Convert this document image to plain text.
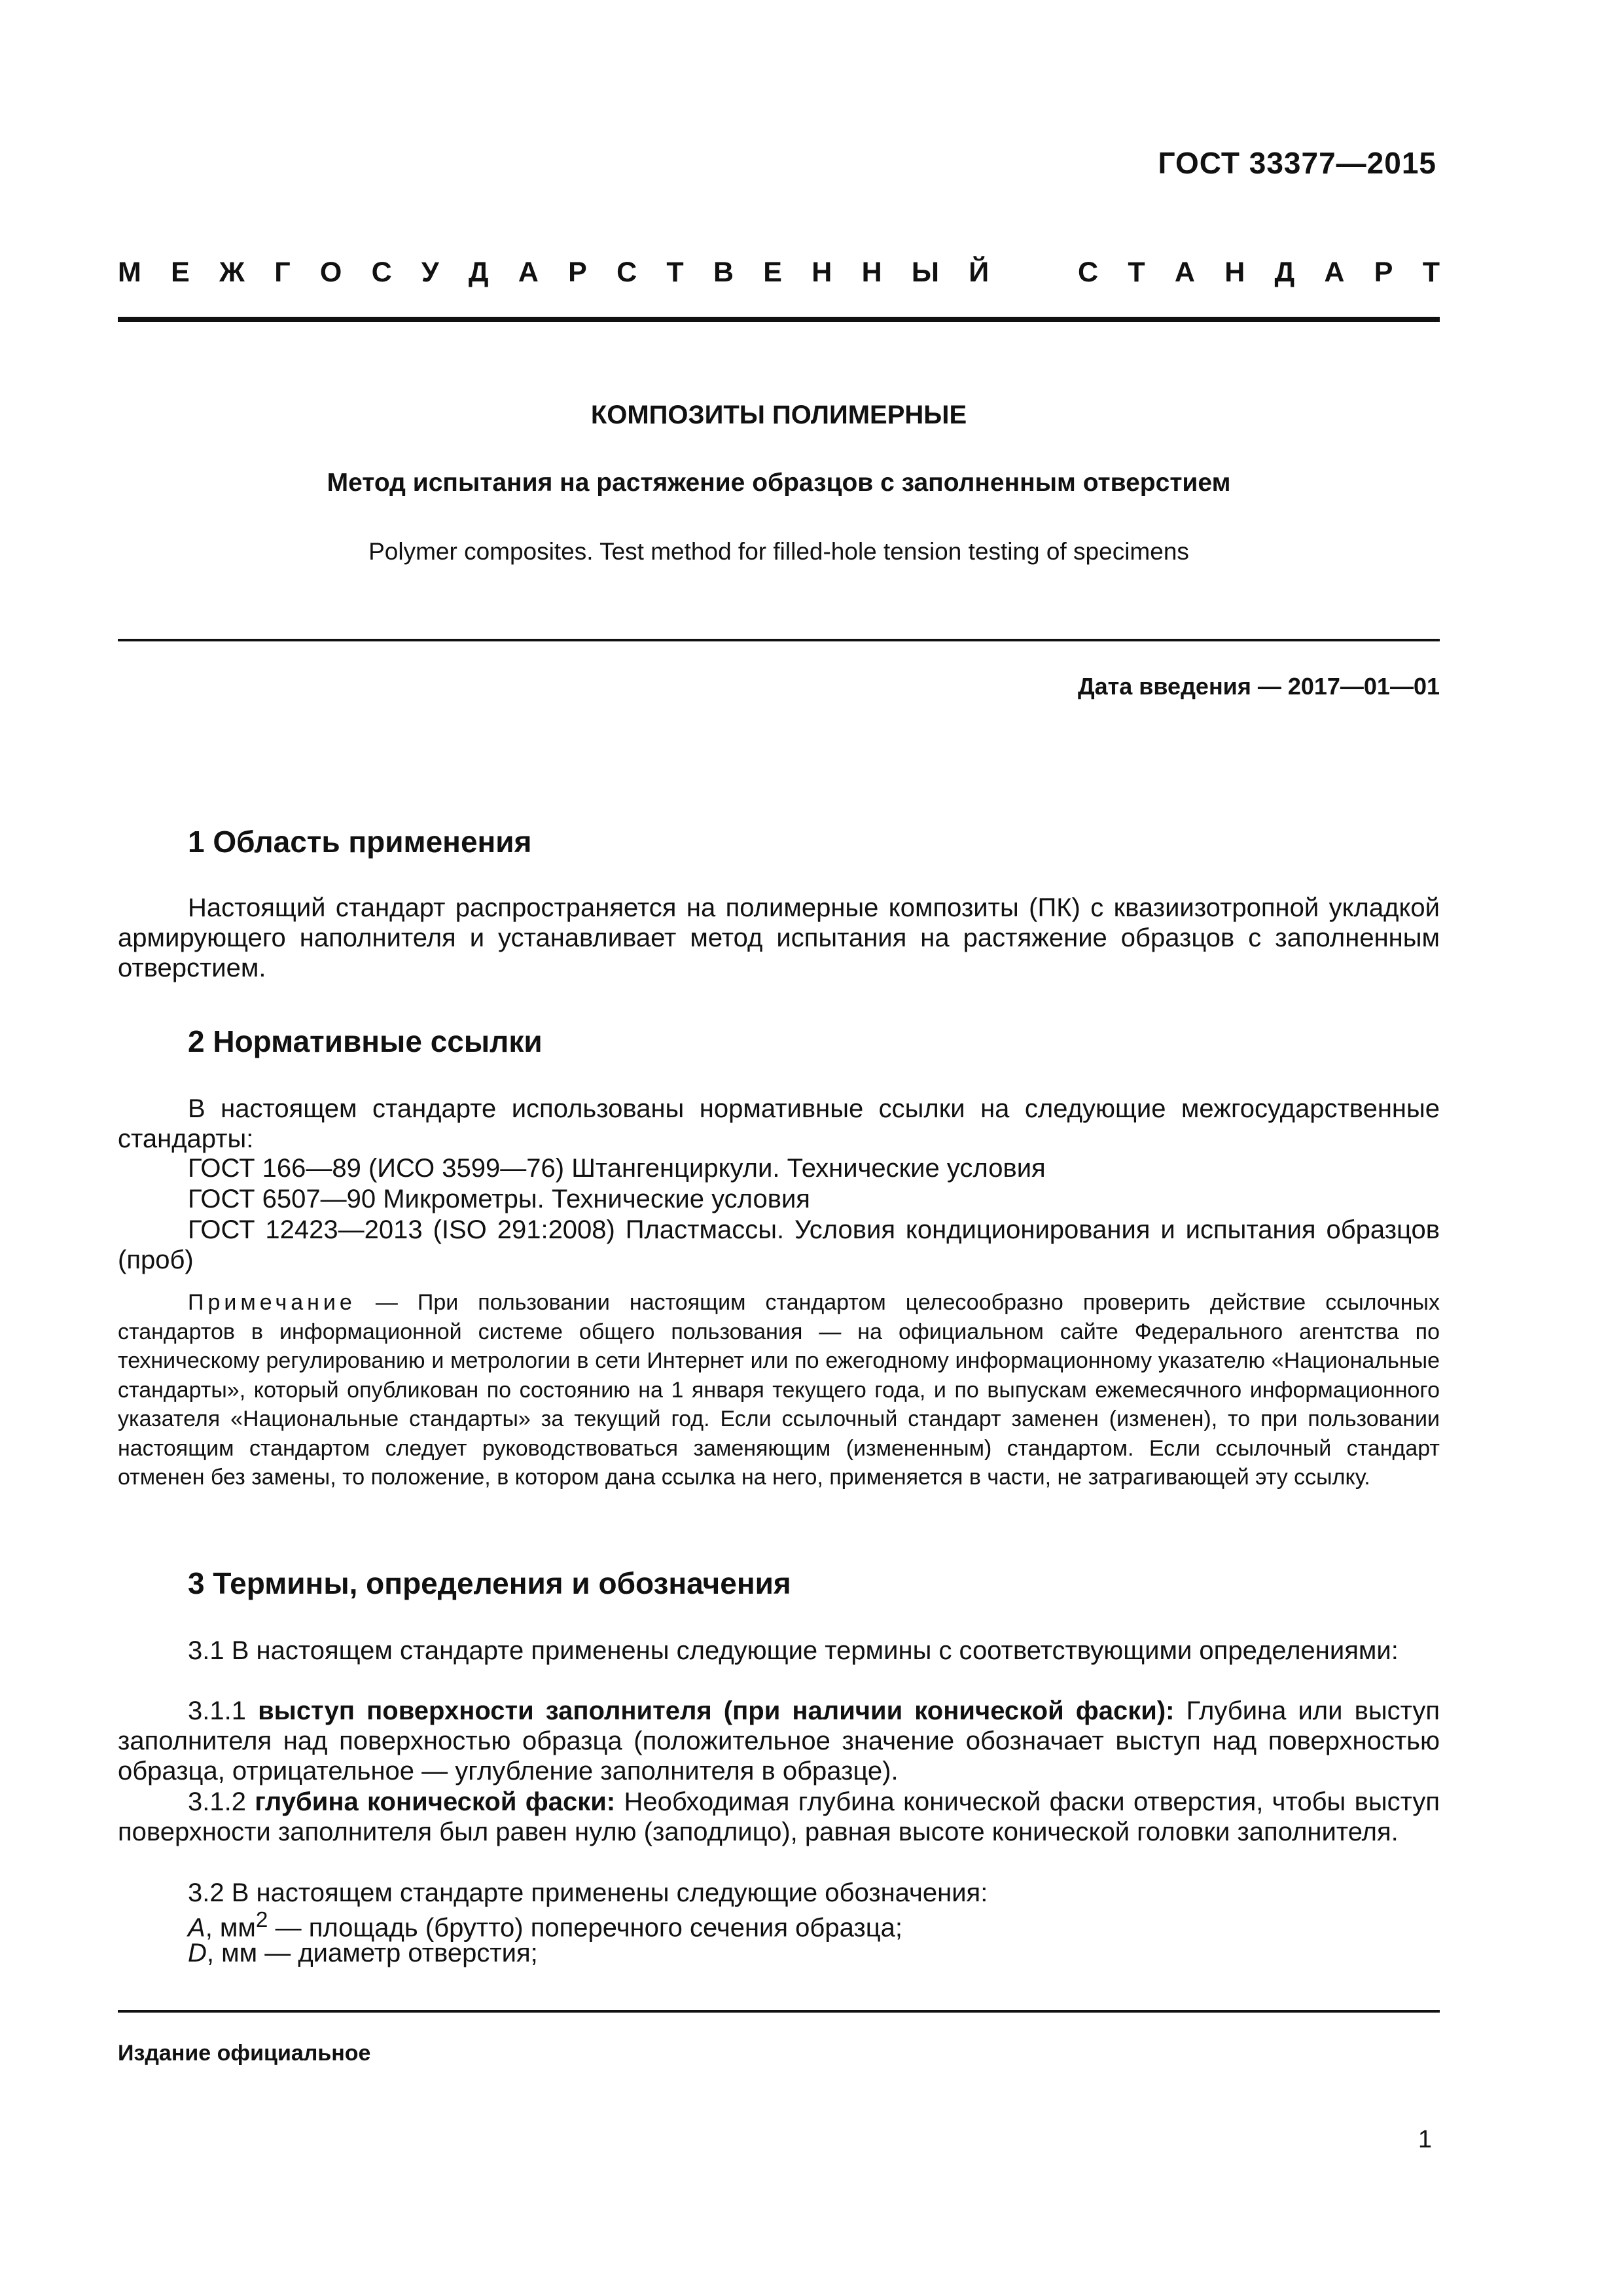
ГОСТ 33377—2015
М Е Ж Г О С У Д А Р С Т В Е Н Н Ы Й	С Т А Н Д А Р Т
КОМПОЗИТЫ ПОЛИМЕРНЫЕ
Метод испытания на растяжение образцов с заполненным отверстием
Polymer composites. Test method for filled-hole tension testing of specimens
Дата введения — 2017—01—01
1 Область применения
Настоящий стандарт распространяется на полимерные композиты (ПК) с квазиизотропной укладкой армирующего наполнителя и устанавливает метод испытания на растяжение образцов с заполненным отверстием.
2 Нормативные ссылки
В настоящем стандарте использованы нормативные ссылки на следующие межгосударственные стандарты:
ГОСТ 166—89 (ИСО 3599—76) Штангенциркули. Технические условия
ГОСТ 6507—90 Микрометры. Технические условия
ГОСТ 12423—2013 (ISO 291:2008) Пластмассы. Условия кондиционирования и испытания образцов (проб)
Примечание — При пользовании настоящим стандартом целесообразно проверить действие ссылочных стандартов в информационной системе общего пользования — на официальном сайте Федерального агентства по техническому регулированию и метрологии в сети Интернет или по ежегодному информационному указателю «Национальные стандарты», который опубликован по состоянию на 1 января текущего года, и по выпускам ежемесячного информационного указателя «Национальные стандарты» за текущий год. Если ссылочный стандарт заменен (изменен), то при пользовании настоящим стандартом следует руководствоваться заменяющим (измененным) стандартом. Если ссылочный стандарт отменен без замены, то положение, в котором дана ссылка на него, применяется в части, не затрагивающей эту ссылку.
3 Термины, определения и обозначения
3.1 В настоящем стандарте применены следующие термины с соответствующими определениями:
3.1.1 выступ поверхности заполнителя (при наличии конической фаски): Глубина или выступ заполнителя над поверхностью образца (положительное значение обозначает выступ над поверхностью образца, отрицательное — углубление заполнителя в образце).
3.1.2 глубина конической фаски: Необходимая глубина конической фаски отверстия, чтобы выступ поверхности заполнителя был равен нулю (заподлицо), равная высоте конической головки заполнителя.
3.2 В настоящем стандарте применены следующие обозначения:
A, $мм^2$ — площадь (брутто) поперечного сечения образца;
D, мм — диаметр отверстия;
Издание официальное
1
